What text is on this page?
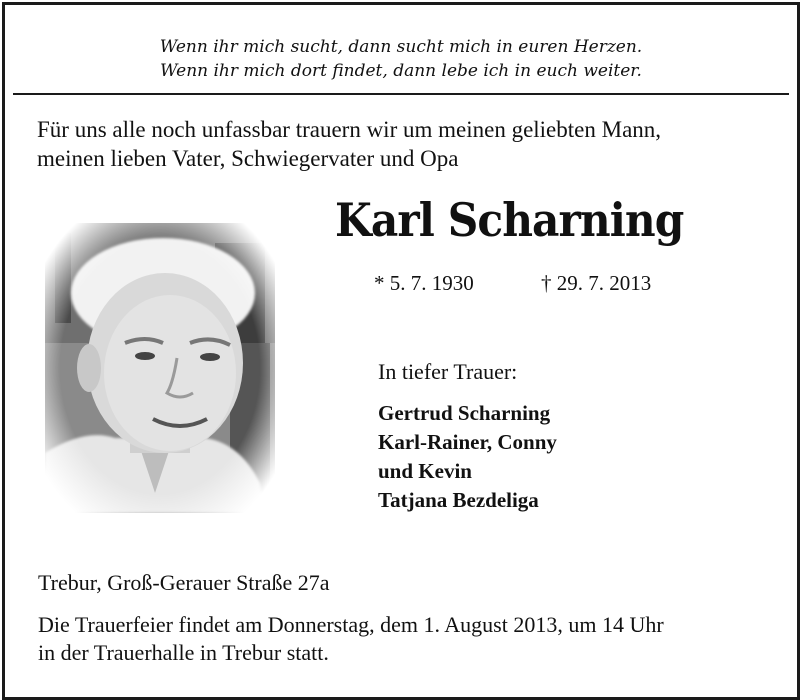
Wenn ihr mich sucht, dann sucht mich in euren Herzen.
Wenn ihr mich dort findet, dann lebe ich in euch weiter.
Für uns alle noch unfassbar trauern wir um meinen geliebten Mann,
meinen lieben Vater, Schwiegervater und Opa
Karl Scharning
* 5. 7. 1930	† 29. 7. 2013
In tiefer Trauer:
Gertrud Scharning
Karl-Rainer, Conny
und Kevin
Tatjana Bezdeliga
Trebur, Groß-Gerauer Straße 27a
Die Trauerfeier findet am Donnerstag, dem 1. August 2013, um 14 Uhr
in der Trauerhalle in Trebur statt.
